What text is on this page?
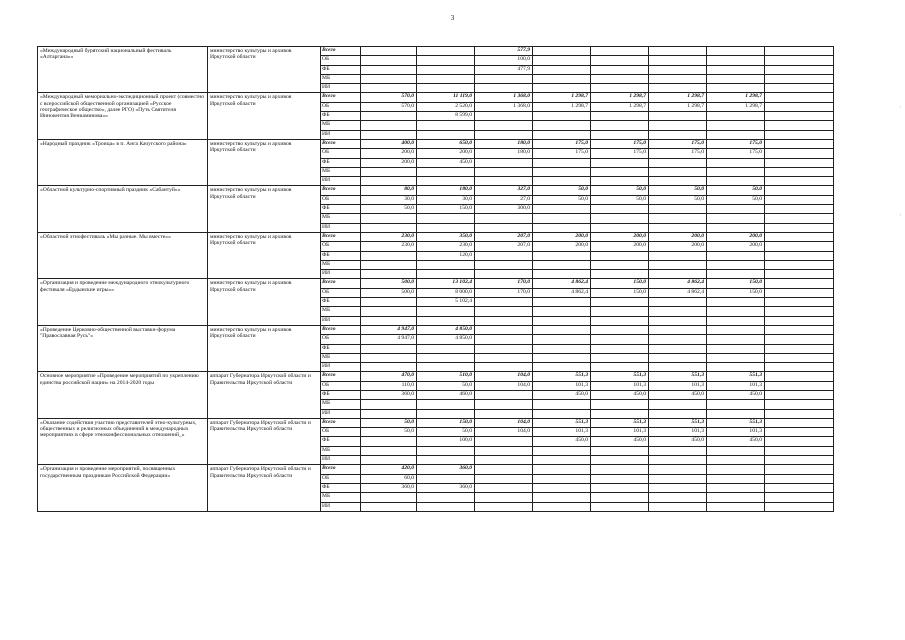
3
«Международный бурятский национальный фестиваль «Алтаргана»»	министерство культуры и архивов Иркутской области	Всего			577,9					
		ОБ			100,0					
		ФБ			477,9					
		МБ								
		ИИ								
«Международный мемориально-экспедиционный проект (совместно с всероссийской общественной организацией «Русское географическое общество», далее РГО) «Путь Святителя Иннокентия Вениаминова»»	министерство культуры и архивов Иркутской области	Всего	570,0	11 119,0	1 368,0	1 298,7	1 298,7	1 298,7	1 298,7	
		ОБ	570,0	2 520,0	1 368,0	1 298,7	1 298,7	1 298,7	1 298,7	
		ФБ		8 599,0						
		МБ								
		ИИ								
«Народный праздник «Троица» в п. Анга Качугского района»	министерство культуры и архивов Иркутской области	Всего	400,0	650,0	180,0	175,0	175,0	175,0	175,0	
		ОБ	200,0	200,0	180,0	175,0	175,0	175,0	175,0	
		ФБ	200,0	450,0						
		МБ								
		ИИ								
«Областной культурно-спортивный праздник «Сабантуй»»	министерство культуры и архивов Иркутской области	Всего	80,0	180,0	327,0	50,0	50,0	50,0	50,0	
		ОБ	30,0	30,0	27,0	50,0	50,0	50,0	50,0	
		ФБ	50,0	150,0	300,0					
		МБ								
		ИИ								
«Областной этнофестиваль «Мы разные. Мы вместе»»	министерство культуры и архивов Иркутской области	Всего	230,0	350,0	207,0	200,0	200,0	200,0	200,0	
		ОБ	230,0	230,0	207,0	200,0	200,0	200,0	200,0	
		ФБ		120,0						
		МБ								
		ИИ								
«Организация и проведение международного этнокультурного фестиваля «Ердынские игры»»	министерство культуры и архивов Иркутской области	Всего	500,0	13 102,4	170,0	4 862,4	150,0	4 862,4	150,0	
		ОБ	500,0	8 000,0	170,0	4 862,4	150,0	4 862,4	150,0	
		ФБ		5 102,4						
		МБ								
		ИИ								
«Проведение Церковно-общественной выставки-форума "Православная Русь"»	министерство культуры и архивов Иркутской области	Всего	4 947,0	4 850,0						
		ОБ	4 947,0	4 850,0						
		ФБ								
		МБ								
		ИИ								
Основное мероприятие «Проведение мероприятий по укреплению единства российской нации» на 2014-2020 годы	аппарат Губернатора Иркутской области и Правительства Иркутской области	Всего	470,0	510,0	104,0	551,3	551,3	551,3	551,3	
		ОБ	110,0	50,0	104,0	101,3	101,3	101,3	101,3	
		ФБ	360,0	460,0		450,0	450,0	450,0	450,0	
		МБ								
		ИИ								
«Оказание содействия участию представителей этно-культурных, общественных и религиозных объединений в международных мероприятиях в сфере этноконфессиональных отношений_»	аппарат Губернатора Иркутской области и Правительства Иркутской области	Всего	50,0	150,0	104,0	551,3	551,3	551,3	551,3	
		ОБ	50,0	50,0	104,0	101,3	101,3	101,3	101,3	
		ФБ		100,0		450,0	450,0	450,0	450,0	
		МБ								
		ИИ								
«Организация и проведение мероприятий, посвященных государственным праздникам Российской Федерации»	аппарат Губернатора Иркутской области и Правительства Иркутской области	Всего	420,0	360,0						
		ОБ	60,0							
		ФБ	360,0	360,0						
		МБ								
		ИИ								
:
:
